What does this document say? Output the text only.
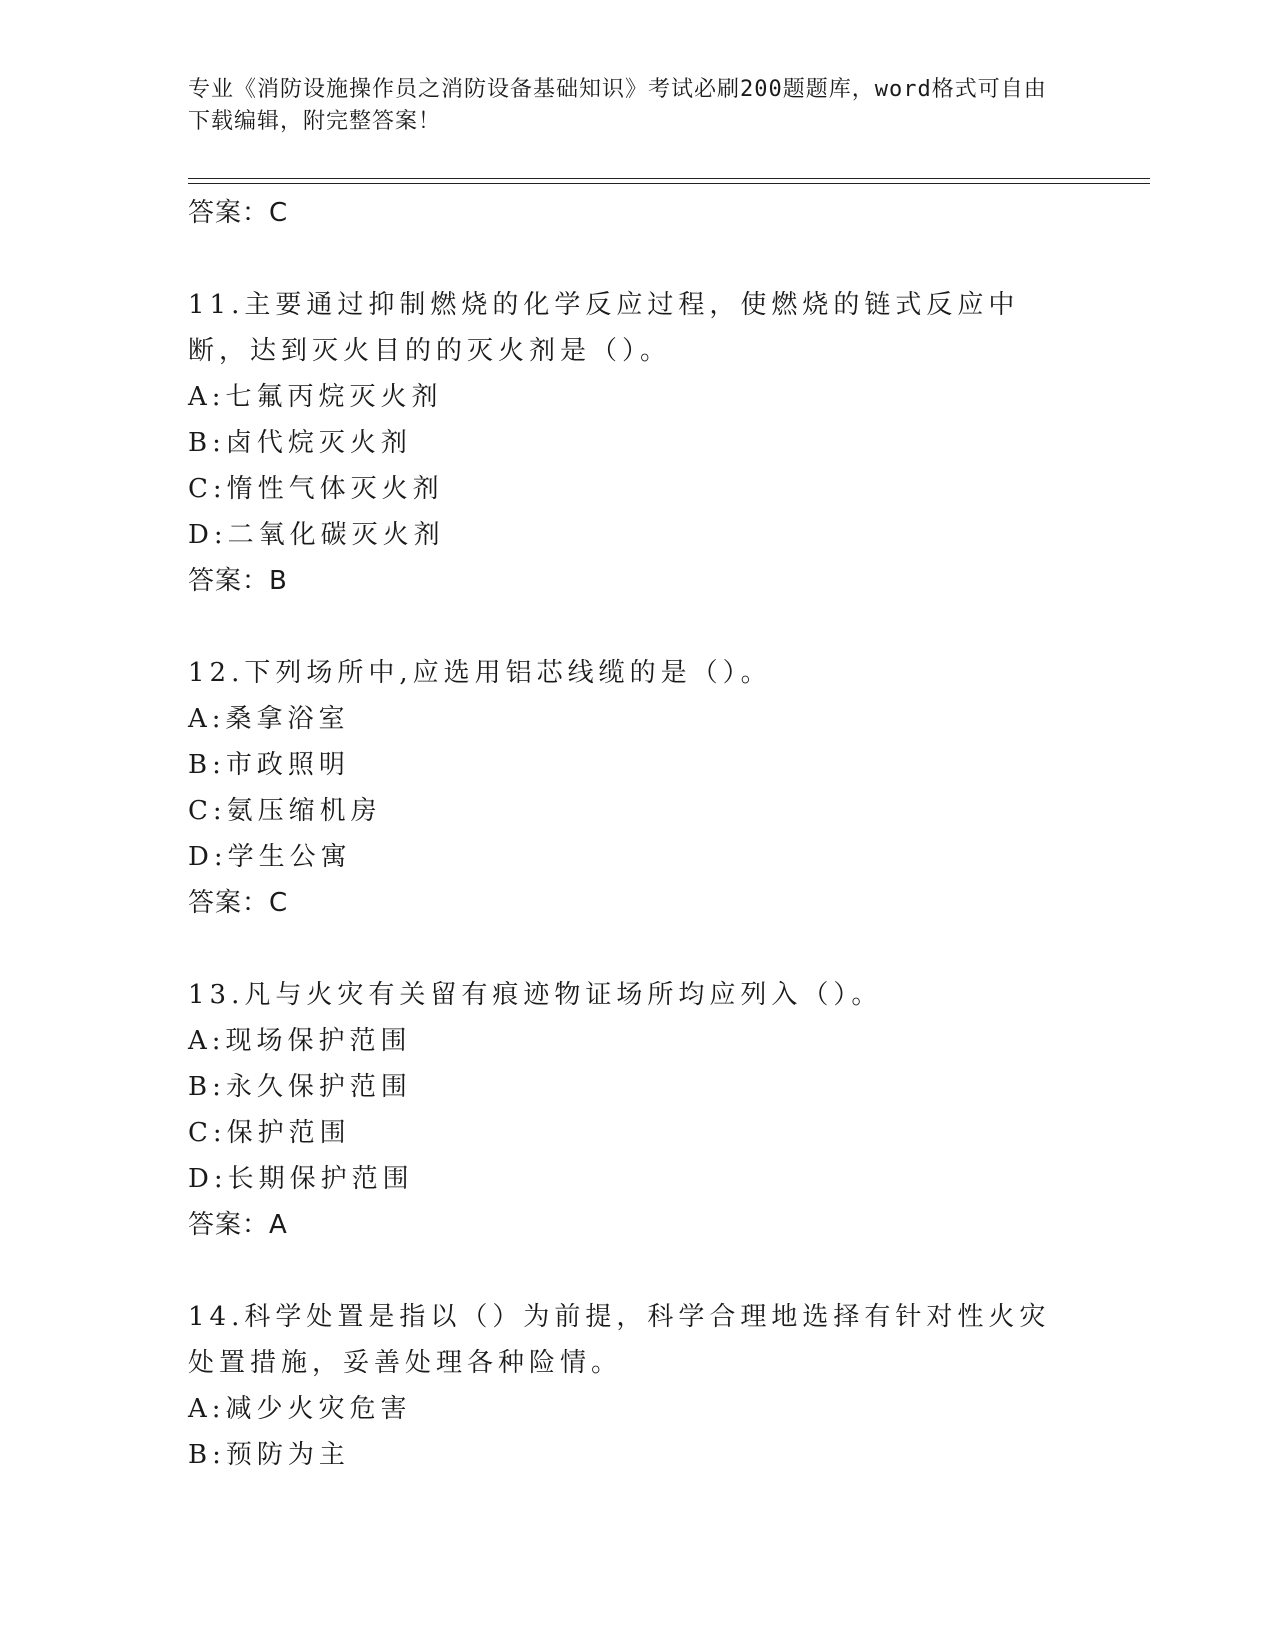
专业《消防设施操作员之消防设备基础知识》考试必刷200题题库，word格式可自由下载编辑，附完整答案！
答案：C
11.主要通过抑制燃烧的化学反应过程，使燃烧的链式反应中断，达到灭火目的的灭火剂是（）。
A:七氟丙烷灭火剂
B:卤代烷灭火剂
C:惰性气体灭火剂
D:二氧化碳灭火剂
答案：B
12.下列场所中,应选用铝芯线缆的是（）。
A:桑拿浴室
B:市政照明
C:氨压缩机房
D:学生公寓
答案：C
13.凡与火灾有关留有痕迹物证场所均应列入（）。
A:现场保护范围
B:永久保护范围
C:保护范围
D:长期保护范围
答案：A
14.科学处置是指以（）为前提，科学合理地选择有针对性火灾处置措施，妥善处理各种险情。
A:减少火灾危害
B:预防为主
